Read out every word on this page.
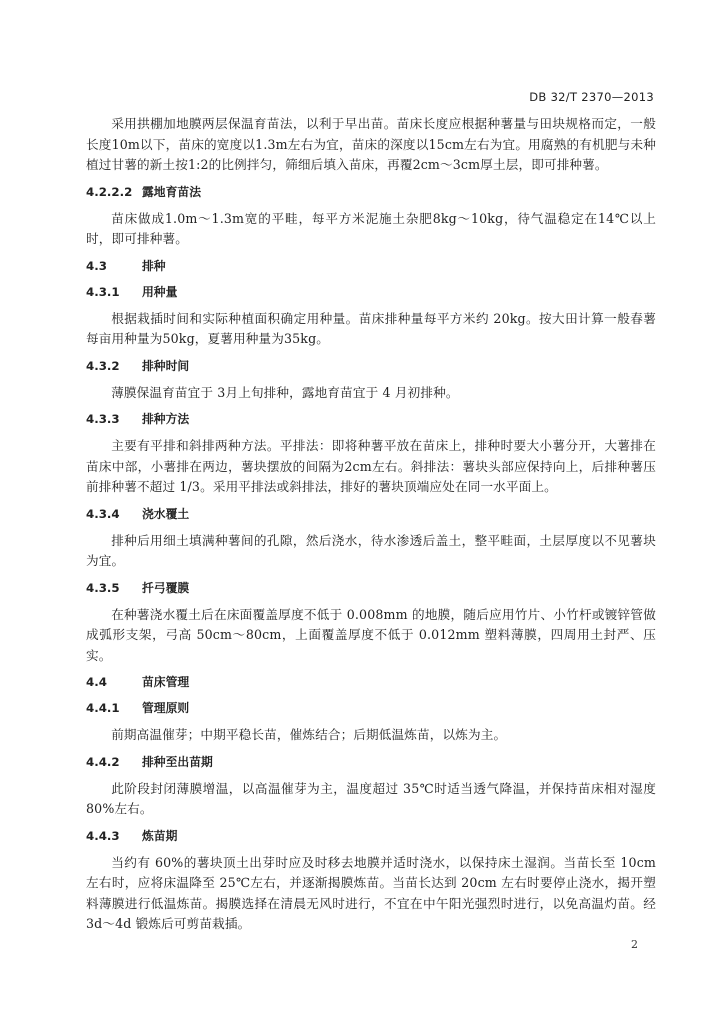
DB 32/T 2370—2013

采用拱棚加地膜两层保温育苗法，以利于早出苗。苗床长度应根据种薯量与田块规格而定，一般长度10m以下，苗床的宽度以1.3m左右为宜，苗床的深度以15cm左右为宜。用腐熟的有机肥与未种植过甘薯的新土按1:2的比例拌匀，筛细后填入苗床，再覆2cm～3cm厚土层，即可排种薯。

4.2.2.2 露地育苗法

苗床做成1.0m～1.3m宽的平畦，每平方米泥施土杂肥8kg～10kg，待气温稳定在14℃以上时，即可排种薯。

4.3	排种
4.3.1 用种量

根据栽插时间和实际种植面积确定用种量。苗床排种量每平方米约 20kg。按大田计算一般春薯每亩用种量为50kg，夏薯用种量为35kg。

4.3.2 排种时间

薄膜保温育苗宜于 3月上旬排种，露地育苗宜于 4 月初排种。

4.3.3 排种方法

主要有平排和斜排两种方法。平排法：即将种薯平放在苗床上，排种时要大小薯分开，大薯排在苗床中部，小薯排在两边，薯块摆放的间隔为2cm左右。斜排法：薯块头部应保持向上，后排种薯压前排种薯不超过 1/3。采用平排法或斜排法，排好的薯块顶端应处在同一水平面上。

4.3.4 浇水覆土

排种后用细土填满种薯间的孔隙，然后浇水，待水渗透后盖土，整平畦面，土层厚度以不见薯块为宜。

4.3.5 扦弓覆膜

在种薯浇水覆土后在床面覆盖厚度不低于 0.008mm 的地膜，随后应用竹片、小竹杆或镀锌管做成弧形支架，弓高 50cm～80cm，上面覆盖厚度不低于 0.012mm 塑料薄膜，四周用土封严、压实。

4.4	苗床管理
4.4.1 管理原则

前期高温催芽；中期平稳长苗，催炼结合；后期低温炼苗，以炼为主。

4.4.2 排种至出苗期

此阶段封闭薄膜增温，以高温催芽为主，温度超过 35℃时适当透气降温，并保持苗床相对湿度 80%左右。

4.4.3 炼苗期

当约有 60%的薯块顶土出芽时应及时移去地膜并适时浇水，以保持床土湿润。当苗长至 10cm 左右时，应将床温降至 25℃左右，并逐渐揭膜炼苗。当苗长达到 20cm 左右时要停止浇水，揭开塑料薄膜进行低温炼苗。揭膜选择在清晨无风时进行，不宜在中午阳光强烈时进行，以免高温灼苗。经 3d～4d 锻炼后可剪苗栽插。

2
